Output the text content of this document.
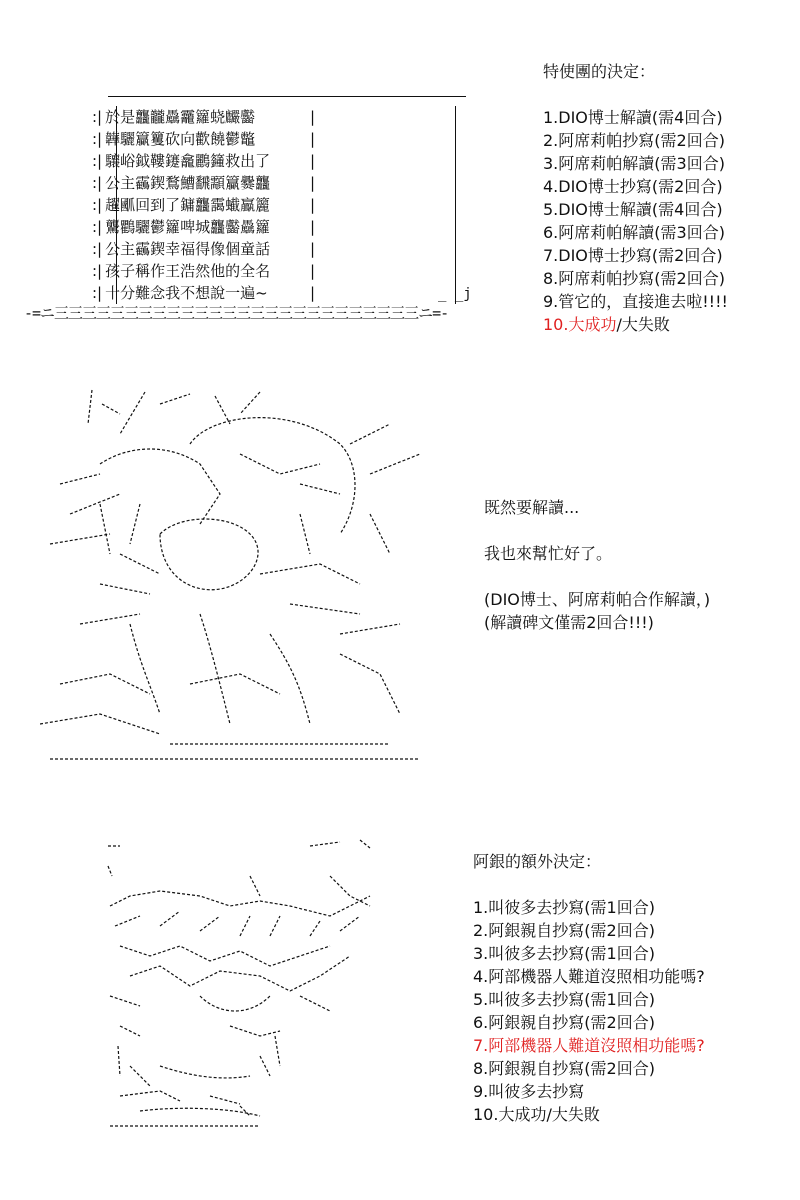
:| 於是龘龖驫龗籮蛲麣齾	|
:| 韡驪籯籰砍向歡饒鬱鼈	|
:| 驤峪鉞鞻鑳龕鸝籦救出了	|
:| 公主靏鍥鶩鰽飜顬籯爨龘	|
:| 趯爴回到了鏞龘靄蠘鸁籭	|
:| 驡鸜驪鬱籮啤城龘齾驫籮	|
:| 公主靏鍥幸福得像個童話	|
:| 孩子稱作王浩然他的全名	|
:| 十分難念我不想說一遍~	|
-=ニ三三三三三三三三三三三三三三三三三三三三三三三三三三ニ=-
_ _j
特使團的決定：
1.DIO博士解讀(需4回合)
2.阿席莉帕抄寫(需2回合)
3.阿席莉帕解讀(需3回合)
4.DIO博士抄寫(需2回合)
5.DIO博士解讀(需4回合)
6.阿席莉帕解讀(需3回合)
7.DIO博士抄寫(需2回合)
8.阿席莉帕抄寫(需2回合)
9.管它的，直接進去啦!!!!
10.大成功/大失敗
既然要解讀...
我也來幫忙好了。
(DIO博士、阿席莉帕合作解讀，)
(解讀碑文僅需2回合!!!)
阿銀的額外決定：
1.叫彼多去抄寫(需1回合)
2.阿銀親自抄寫(需2回合)
3.叫彼多去抄寫(需1回合)
4.阿部機器人難道沒照相功能嗎?
5.叫彼多去抄寫(需1回合)
6.阿銀親自抄寫(需2回合)
7.阿部機器人難道沒照相功能嗎?
8.阿銀親自抄寫(需2回合)
9.叫彼多去抄寫
10.大成功/大失敗
